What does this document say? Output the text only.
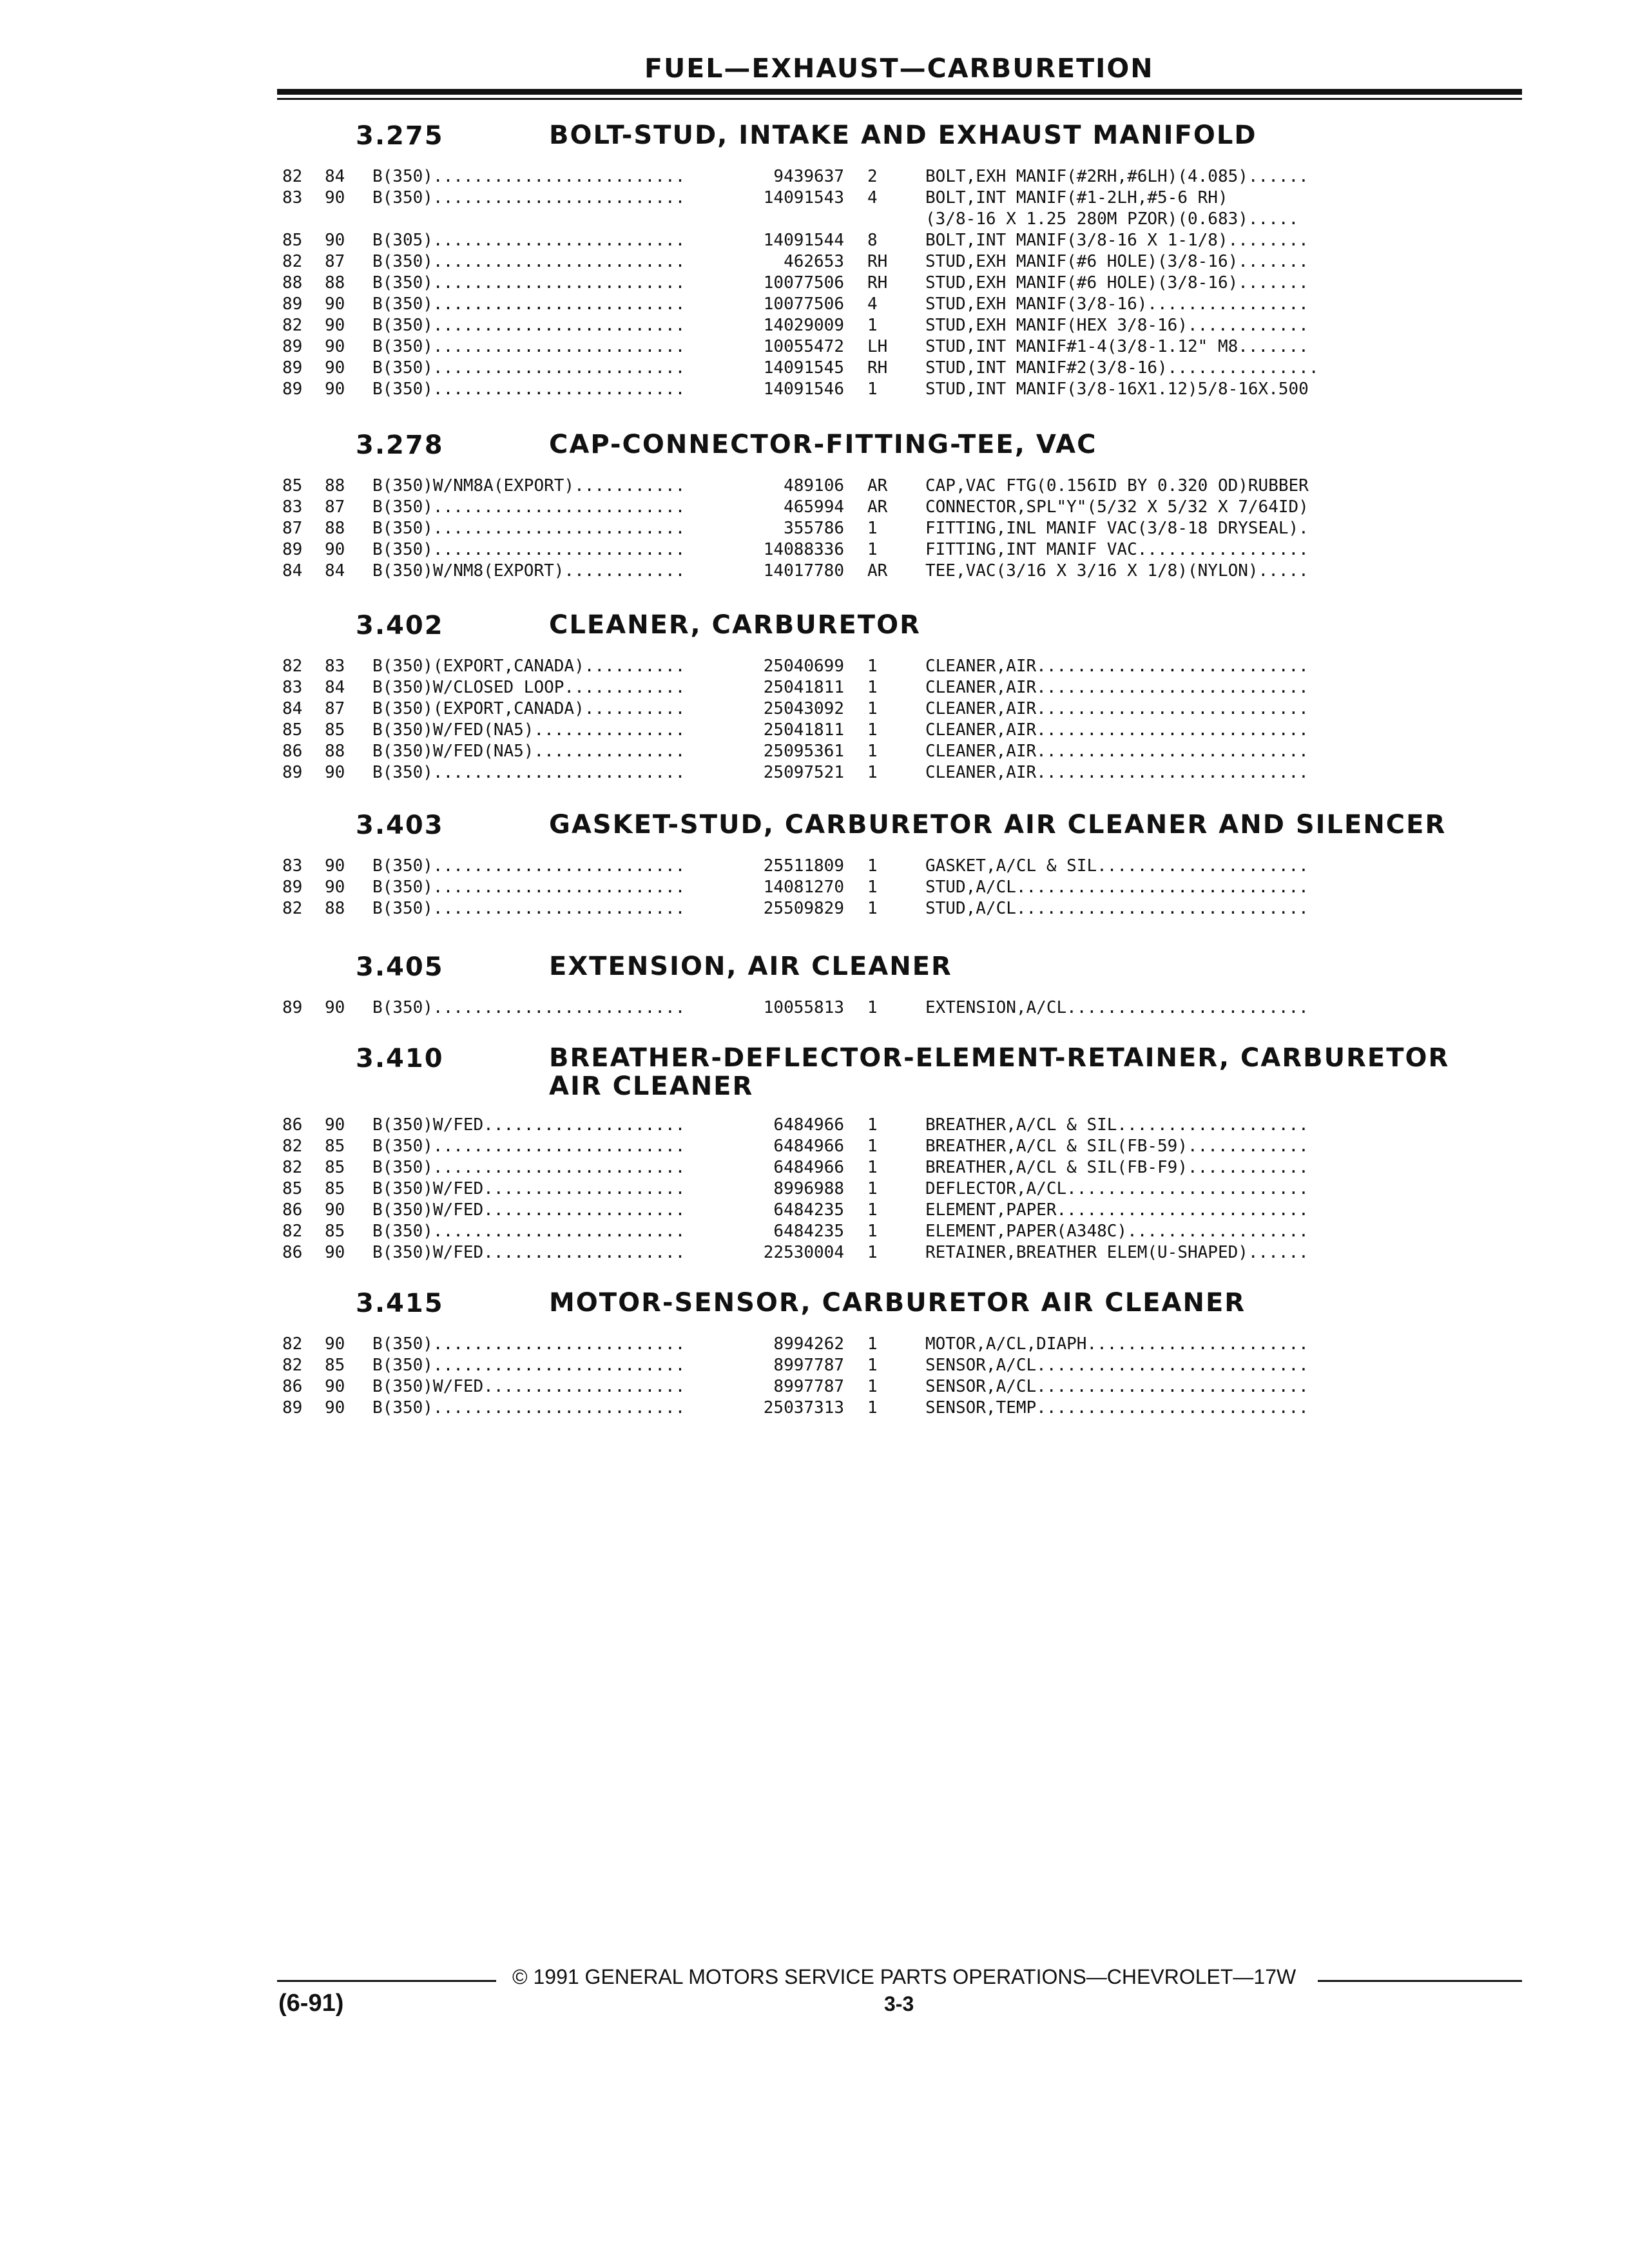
FUEL—EXHAUST—CARBURETION
3.275	BOLT-STUD, INTAKE AND EXHAUST MANIFOLD
82 84 B(350).........................	9439637 2	BOLT,EXH MANIF(#2RH,#6LH)(4.085)......
83 90 B(350).........................	14091543 4	BOLT,INT MANIF(#1-2LH,#5-6 RH)
(3/8-16 X 1.25 280M PZOR)(0.683).....
85 90 B(305).........................	14091544 8	BOLT,INT MANIF(3/8-16 X 1-1/8)........
82 87 B(350).........................	462653 RH STUD,EXH MANIF(#6 HOLE)(3/8-16).......
88 88 B(350).........................	10077506 RH STUD,EXH MANIF(#6 HOLE)(3/8-16).......
89 90 B(350).........................	10077506 4	STUD,EXH MANIF(3/8-16)................
82 90 B(350).........................	14029009 1	STUD,EXH MANIF(HEX 3/8-16)............
89 90 B(350).........................	10055472 LH STUD,INT MANIF#1-4(3/8-1.12" M8.......
89 90 B(350).........................	14091545 RH STUD,INT MANIF#2(3/8-16)...............
89 90 B(350).........................	14091546 1	STUD,INT MANIF(3/8-16X1.12)5/8-16X.500
3.278	CAP-CONNECTOR-FITTING-TEE, VAC
85 88 B(350)W/NM8A(EXPORT)...........	489106 AR CAP,VAC FTG(0.156ID BY 0.320 OD)RUBBER
83 87 B(350).........................	465994 AR CONNECTOR,SPL"Y"(5/32 X 5/32 X 7/64ID)
87 88 B(350).........................	355786 1	FITTING,INL MANIF VAC(3/8-18 DRYSEAL).
89 90 B(350).........................	14088336 1	FITTING,INT MANIF VAC.................
84 84 B(350)W/NM8(EXPORT)............	14017780 AR TEE,VAC(3/16 X 3/16 X 1/8)(NYLON).....
3.402	CLEANER, CARBURETOR
82 83 B(350)(EXPORT,CANADA)..........	25040699 1	CLEANER,AIR...........................
83 84 B(350)W/CLOSED LOOP............	25041811 1	CLEANER,AIR...........................
84 87 B(350)(EXPORT,CANADA)..........	25043092 1	CLEANER,AIR...........................
85 85 B(350)W/FED(NA5)...............	25041811 1	CLEANER,AIR...........................
86 88 B(350)W/FED(NA5)...............	25095361 1	CLEANER,AIR...........................
89 90 B(350).........................	25097521 1	CLEANER,AIR...........................
3.403	GASKET-STUD, CARBURETOR AIR CLEANER AND SILENCER
83 90 B(350).........................	25511809 1	GASKET,A/CL & SIL.....................
89 90 B(350).........................	14081270 1	STUD,A/CL.............................
82 88 B(350).........................	25509829 1	STUD,A/CL.............................
3.405	EXTENSION, AIR CLEANER
89 90 B(350).........................	10055813 1	EXTENSION,A/CL........................
3.410	BREATHER-DEFLECTOR-ELEMENT-RETAINER, CARBURETOR AIR CLEANER
86 90 B(350)W/FED....................	6484966 1	BREATHER,A/CL & SIL...................
82 85 B(350).........................	6484966 1	BREATHER,A/CL & SIL(FB-59)............
82 85 B(350).........................	6484966 1	BREATHER,A/CL & SIL(FB-F9)............
85 85 B(350)W/FED....................	8996988 1	DEFLECTOR,A/CL........................
86 90 B(350)W/FED....................	6484235 1	ELEMENT,PAPER.........................
82 85 B(350).........................	6484235 1	ELEMENT,PAPER(A348C)..................
86 90 B(350)W/FED....................	22530004 1	RETAINER,BREATHER ELEM(U-SHAPED)......
3.415	MOTOR-SENSOR, CARBURETOR AIR CLEANER
82 90 B(350).........................	8994262 1	MOTOR,A/CL,DIAPH......................
82 85 B(350).........................	8997787 1	SENSOR,A/CL...........................
86 90 B(350)W/FED....................	8997787 1	SENSOR,A/CL...........................
89 90 B(350).........................	25037313 1	SENSOR,TEMP...........................
© 1991 GENERAL MOTORS SERVICE PARTS OPERATIONS—CHEVROLET—17W
(6-91)	3-3
